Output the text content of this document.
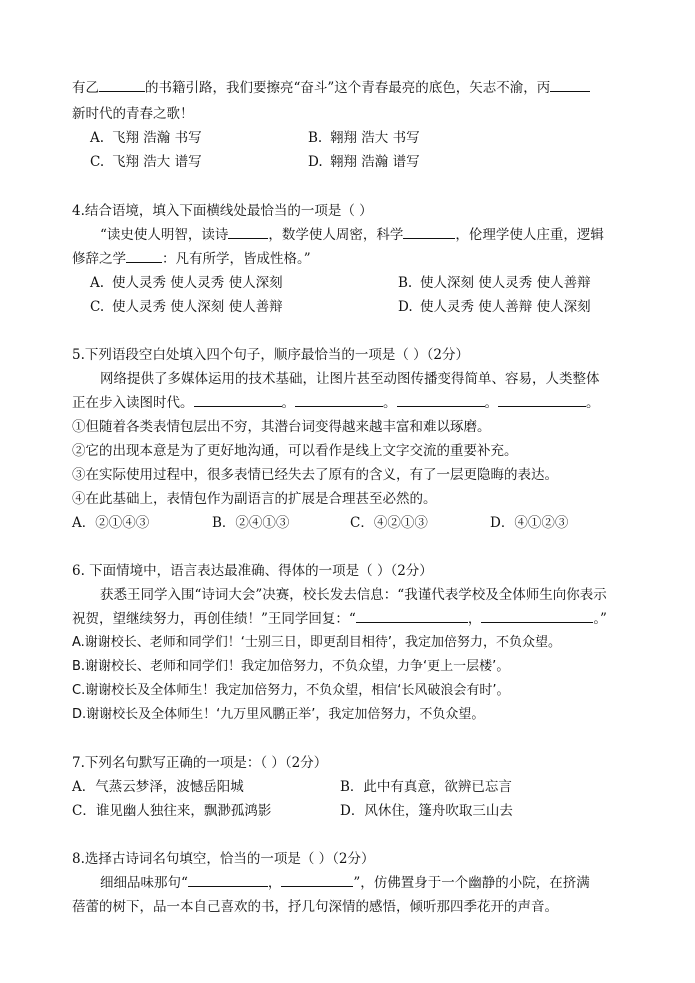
有乙	的书籍引路，我们要擦亮“奋斗”这个青春最亮的底色，矢志不渝，丙
新时代的青春之歌！
A. 飞翔 浩瀚 书写	B. 翱翔 浩大 书写
C. 飞翔 浩大 谱写	D. 翱翔 浩瀚 谱写
4.结合语境，填入下面横线处最恰当的一项是（ ）
“读史使人明智，读诗	，数学使人周密，科学	，伦理学使人庄重，逻辑
修辞之学	：凡有所学，皆成性格。”
A. 使人灵秀 使人灵秀 使人深刻	B. 使人深刻 使人灵秀 使人善辩
C. 使人灵秀 使人深刻 使人善辩	D. 使人灵秀 使人善辩 使人深刻
5.下列语段空白处填入四个句子，顺序最恰当的一项是（ ）（2分）
网络提供了多媒体运用的技术基础，让图片甚至动图传播变得简单、容易，人类整体
正在步入读图时代。	。	。	。	。
①但随着各类表情包层出不穷，其潜台词变得越来越丰富和难以琢磨。
②它的出现本意是为了更好地沟通，可以看作是线上文字交流的重要补充。
③在实际使用过程中，很多表情已经失去了原有的含义，有了一层更隐晦的表达。
④在此基础上，表情包作为副语言的扩展是合理甚至必然的。
A．②①④③	B．②④①③	C．④②①③	D．④①②③
6. 下面情境中，语言表达最准确、得体的一项是（ ）（2分）
获悉王同学入围“诗词大会”决赛，校长发去信息：“我谨代表学校及全体师生向你表示
祝贺，望继续努力，再创佳绩！”王同学回复：“	，	。”
A.谢谢校长、老师和同学们！‘士别三日，即更刮目相待’，我定加倍努力，不负众望。
B.谢谢校长、老师和同学们！我定加倍努力，不负众望，力争‘更上一层楼’。
C.谢谢校长及全体师生！我定加倍努力，不负众望，相信‘长风破浪会有时’。
D.谢谢校长及全体师生！‘九万里风鹏正举’，我定加倍努力，不负众望。
7.下列名句默写正确的一项是：（ ）（2分）
A．气蒸云梦泽，波憾岳阳城	B．此中有真意，欲辨已忘言
C．谁见幽人独往来，飘渺孤鸿影	D．风休住，篷舟吹取三山去
8.选择古诗词名句填空，恰当的一项是（ ）（2分）
细细品味那句“	，	”，仿佛置身于一个幽静的小院，在挤满
蓓蕾的树下，品一本自己喜欢的书，抒几句深情的感悟，倾听那四季花开的声音。
